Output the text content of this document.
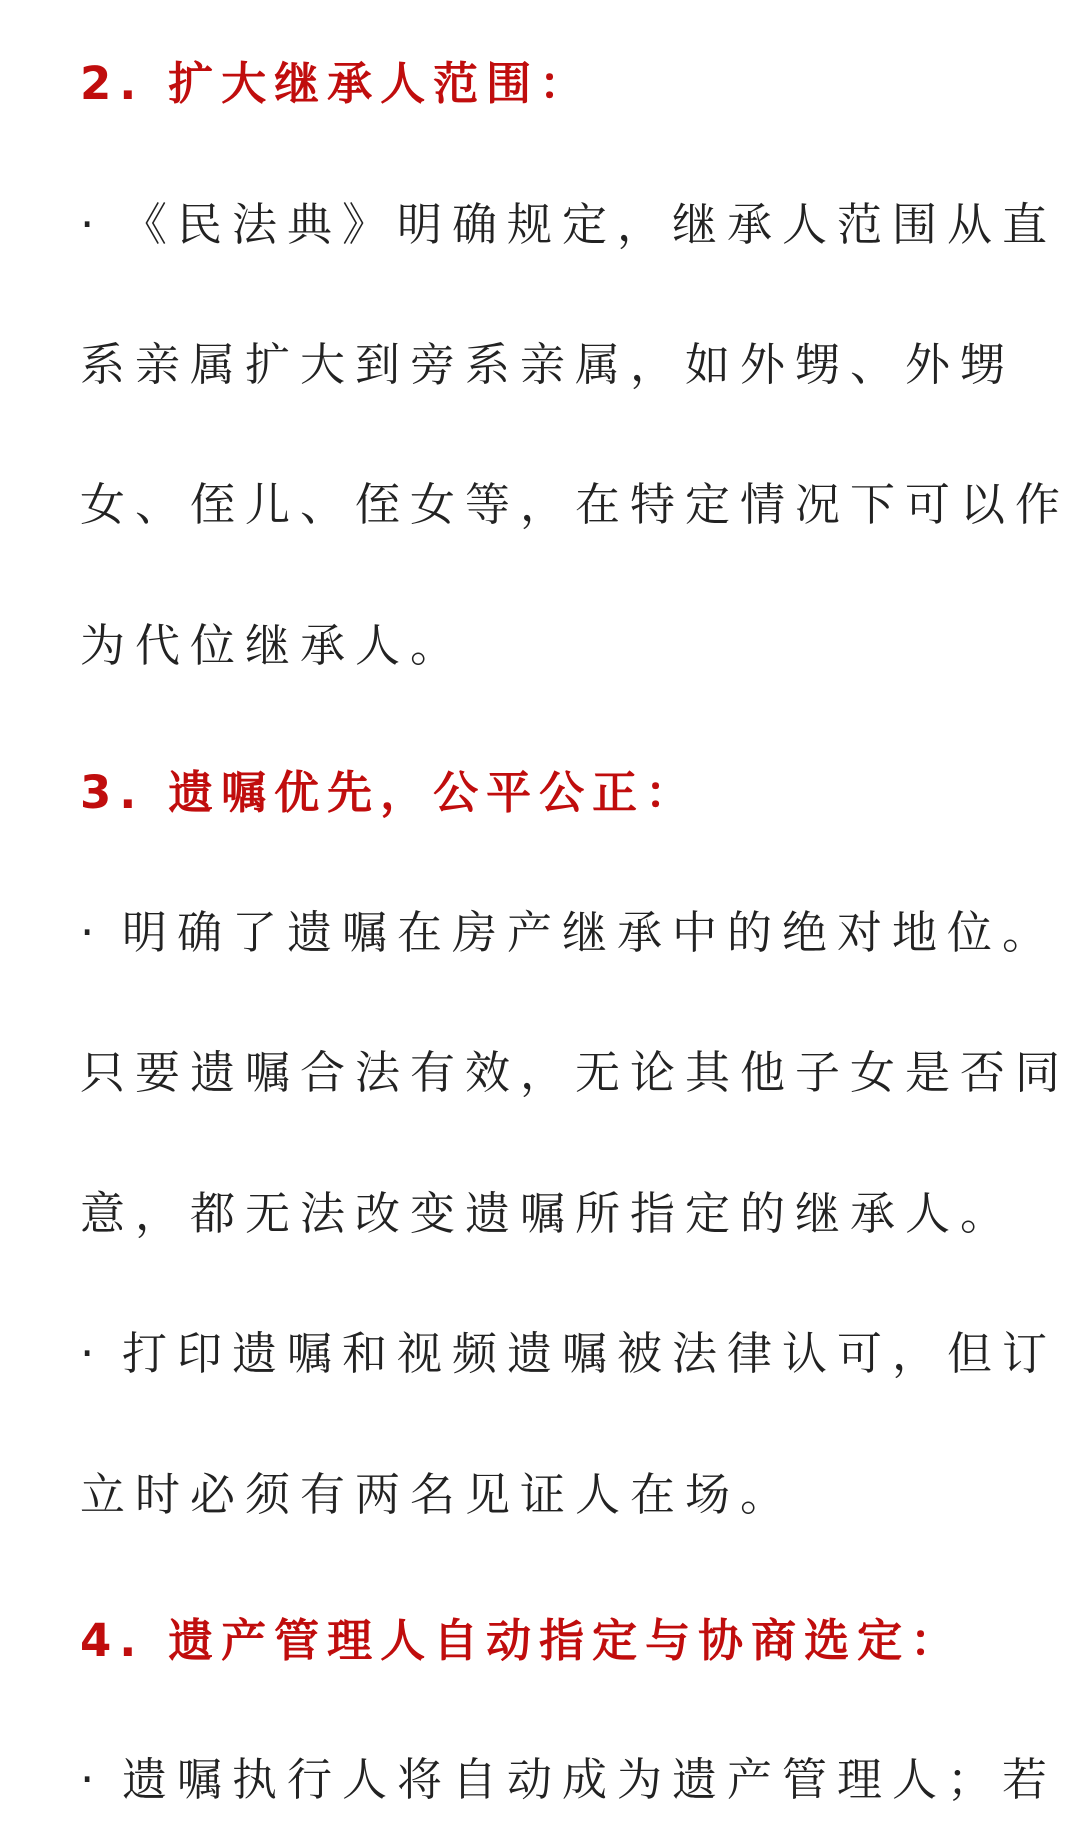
2. 扩大继承人范围：
· 《民法典》明确规定，继承人范围从直
系亲属扩大到旁系亲属，如外甥、外甥
女、侄儿、侄女等，在特定情况下可以作
为代位继承人。
3. 遗嘱优先，公平公正：
· 明确了遗嘱在房产继承中的绝对地位。
只要遗嘱合法有效，无论其他子女是否同
意，都无法改变遗嘱所指定的继承人。
· 打印遗嘱和视频遗嘱被法律认可，但订
立时必须有两名见证人在场。
4. 遗产管理人自动指定与协商选定：
· 遗嘱执行人将自动成为遗产管理人；若
